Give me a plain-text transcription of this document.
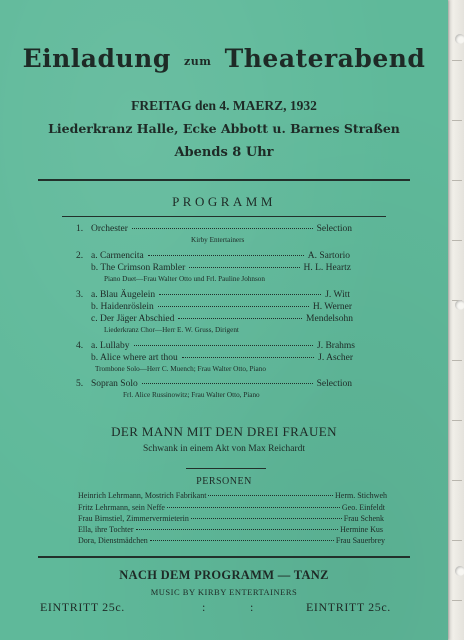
Einladung zum Theaterabend
FREITAG den 4. MAERZ, 1932
Liederkranz Halle, Ecke Abbott u. Barnes Straßen
Abends 8 Uhr
PROGRAMM
1. Orchester	Selection
Kirby Entertainers
2. a. Carmencita	A. Sartorio
b. The Crimson Rambler	H. L. Heartz
Piano Duet—Frau Walter Otto und Frl. Pauline Johnson
3. a. Blau Äugelein	J. Witt
b. Haidenröslein	H. Werner
c. Der Jäger Abschied	Mendelsohn
Liederkranz Chor—Herr E. W. Gruss, Dirigent
4. a. Lullaby	J. Brahms
b. Alice where art thou	J. Ascher
Trombone Solo—Herr C. Muench; Frau Walter Otto, Piano
5. Sopran Solo	Selection
Frl. Alice Russinowitz; Frau Walter Otto, Piano
DER MANN MIT DEN DREI FRAUEN
Schwank in einem Akt von Max Reichardt
PERSONEN
Heinrich Lehrmann, Mostrich Fabrikant	Herm. Stichweh
Fritz Lehrmann, sein Neffe	Geo. Einfeldt
Frau Birnstiel, Zimmervermieterin	Frau Schenk
Ella, ihre Tochter	Hermine Kus
Dora, Dienstmädchen	Frau Sauerbrey
NACH DEM PROGRAMM — TANZ
MUSIC BY KIRBY ENTERTAINERS
EINTRITT 25c.	:	:	EINTRITT 25c.
